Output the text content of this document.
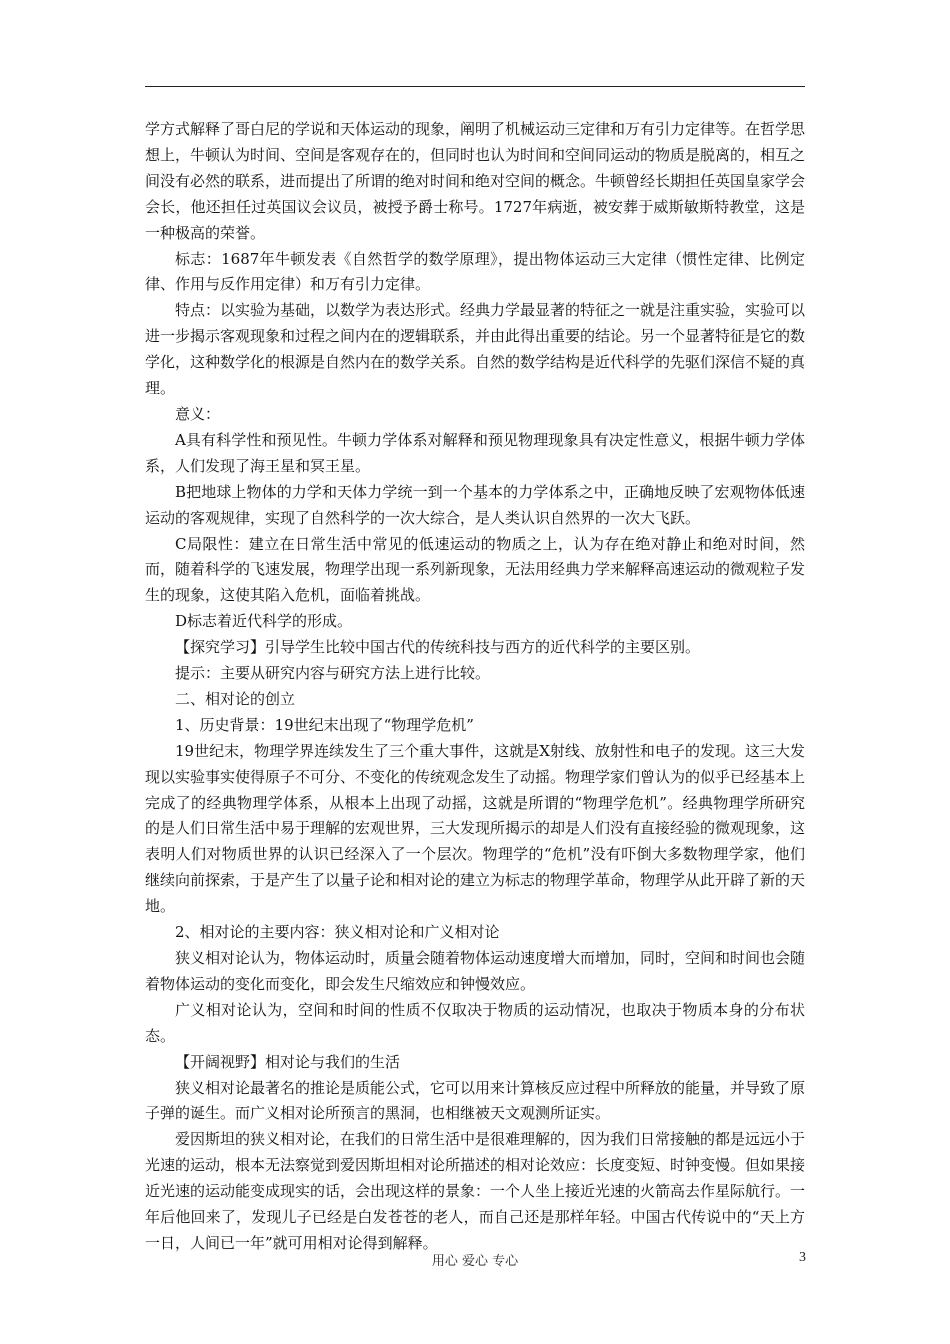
学方式解释了哥白尼的学说和天体运动的现象，阐明了机械运动三定律和万有引力定律等。在哲学思想上，牛顿认为时间、空间是客观存在的，但同时也认为时间和空间同运动的物质是脱离的，相互之间没有必然的联系，进而提出了所谓的绝对时间和绝对空间的概念。牛顿曾经长期担任英国皇家学会会长，他还担任过英国议会议员，被授予爵士称号。1727年病逝，被安葬于威斯敏斯特教堂，这是一种极高的荣誉。

标志：1687年牛顿发表《自然哲学的数学原理》，提出物体运动三大定律（惯性定律、比例定律、作用与反作用定律）和万有引力定律。

特点：以实验为基础，以数学为表达形式。经典力学最显著的特征之一就是注重实验，实验可以进一步揭示客观现象和过程之间内在的逻辑联系，并由此得出重要的结论。另一个显著特征是它的数学化，这种数学化的根源是自然内在的数学关系。自然的数学结构是近代科学的先驱们深信不疑的真理。

意义：

A具有科学性和预见性。牛顿力学体系对解释和预见物理现象具有决定性意义，根据牛顿力学体系，人们发现了海王星和冥王星。

B把地球上物体的力学和天体力学统一到一个基本的力学体系之中，正确地反映了宏观物体低速运动的客观规律，实现了自然科学的一次大综合，是人类认识自然界的一次大飞跃。

C局限性：建立在日常生活中常见的低速运动的物质之上，认为存在绝对静止和绝对时间，然而，随着科学的飞速发展，物理学出现一系列新现象，无法用经典力学来解释高速运动的微观粒子发生的现象，这使其陷入危机，面临着挑战。

D标志着近代科学的形成。

【探究学习】引导学生比较中国古代的传统科技与西方的近代科学的主要区别。

提示：主要从研究内容与研究方法上进行比较。

二、相对论的创立

1、历史背景：19世纪末出现了“物理学危机”

19世纪末，物理学界连续发生了三个重大事件，这就是X射线、放射性和电子的发现。这三大发现以实验事实使得原子不可分、不变化的传统观念发生了动摇。物理学家们曾认为的似乎已经基本上完成了的经典物理学体系，从根本上出现了动摇，这就是所谓的“物理学危机”。经典物理学所研究的是人们日常生活中易于理解的宏观世界，三大发现所揭示的却是人们没有直接经验的微观现象，这表明人们对物质世界的认识已经深入了一个层次。物理学的“危机”没有吓倒大多数物理学家，他们继续向前探索，于是产生了以量子论和相对论的建立为标志的物理学革命，物理学从此开辟了新的天地。

2、相对论的主要内容：狭义相对论和广义相对论

狭义相对论认为，物体运动时，质量会随着物体运动速度增大而增加，同时，空间和时间也会随着物体运动的变化而变化，即会发生尺缩效应和钟慢效应。

广义相对论认为，空间和时间的性质不仅取决于物质的运动情况，也取决于物质本身的分布状态。

【开阔视野】相对论与我们的生活

狭义相对论最著名的推论是质能公式，它可以用来计算核反应过程中所释放的能量，并导致了原子弹的诞生。而广义相对论所预言的黑洞，也相继被天文观测所证实。

爱因斯坦的狭义相对论，在我们的日常生活中是很难理解的，因为我们日常接触的都是远远小于光速的运动，根本无法察觉到爱因斯坦相对论所描述的相对论效应：长度变短、时钟变慢。但如果接近光速的运动能变成现实的话，会出现这样的景象：一个人坐上接近光速的火箭高去作星际航行。一年后他回来了，发现儿子已经是白发苍苍的老人，而自己还是那样年轻。中国古代传说中的“天上方一日，人间已一年”就可用相对论得到解释。

用心 爱心 专心	3
